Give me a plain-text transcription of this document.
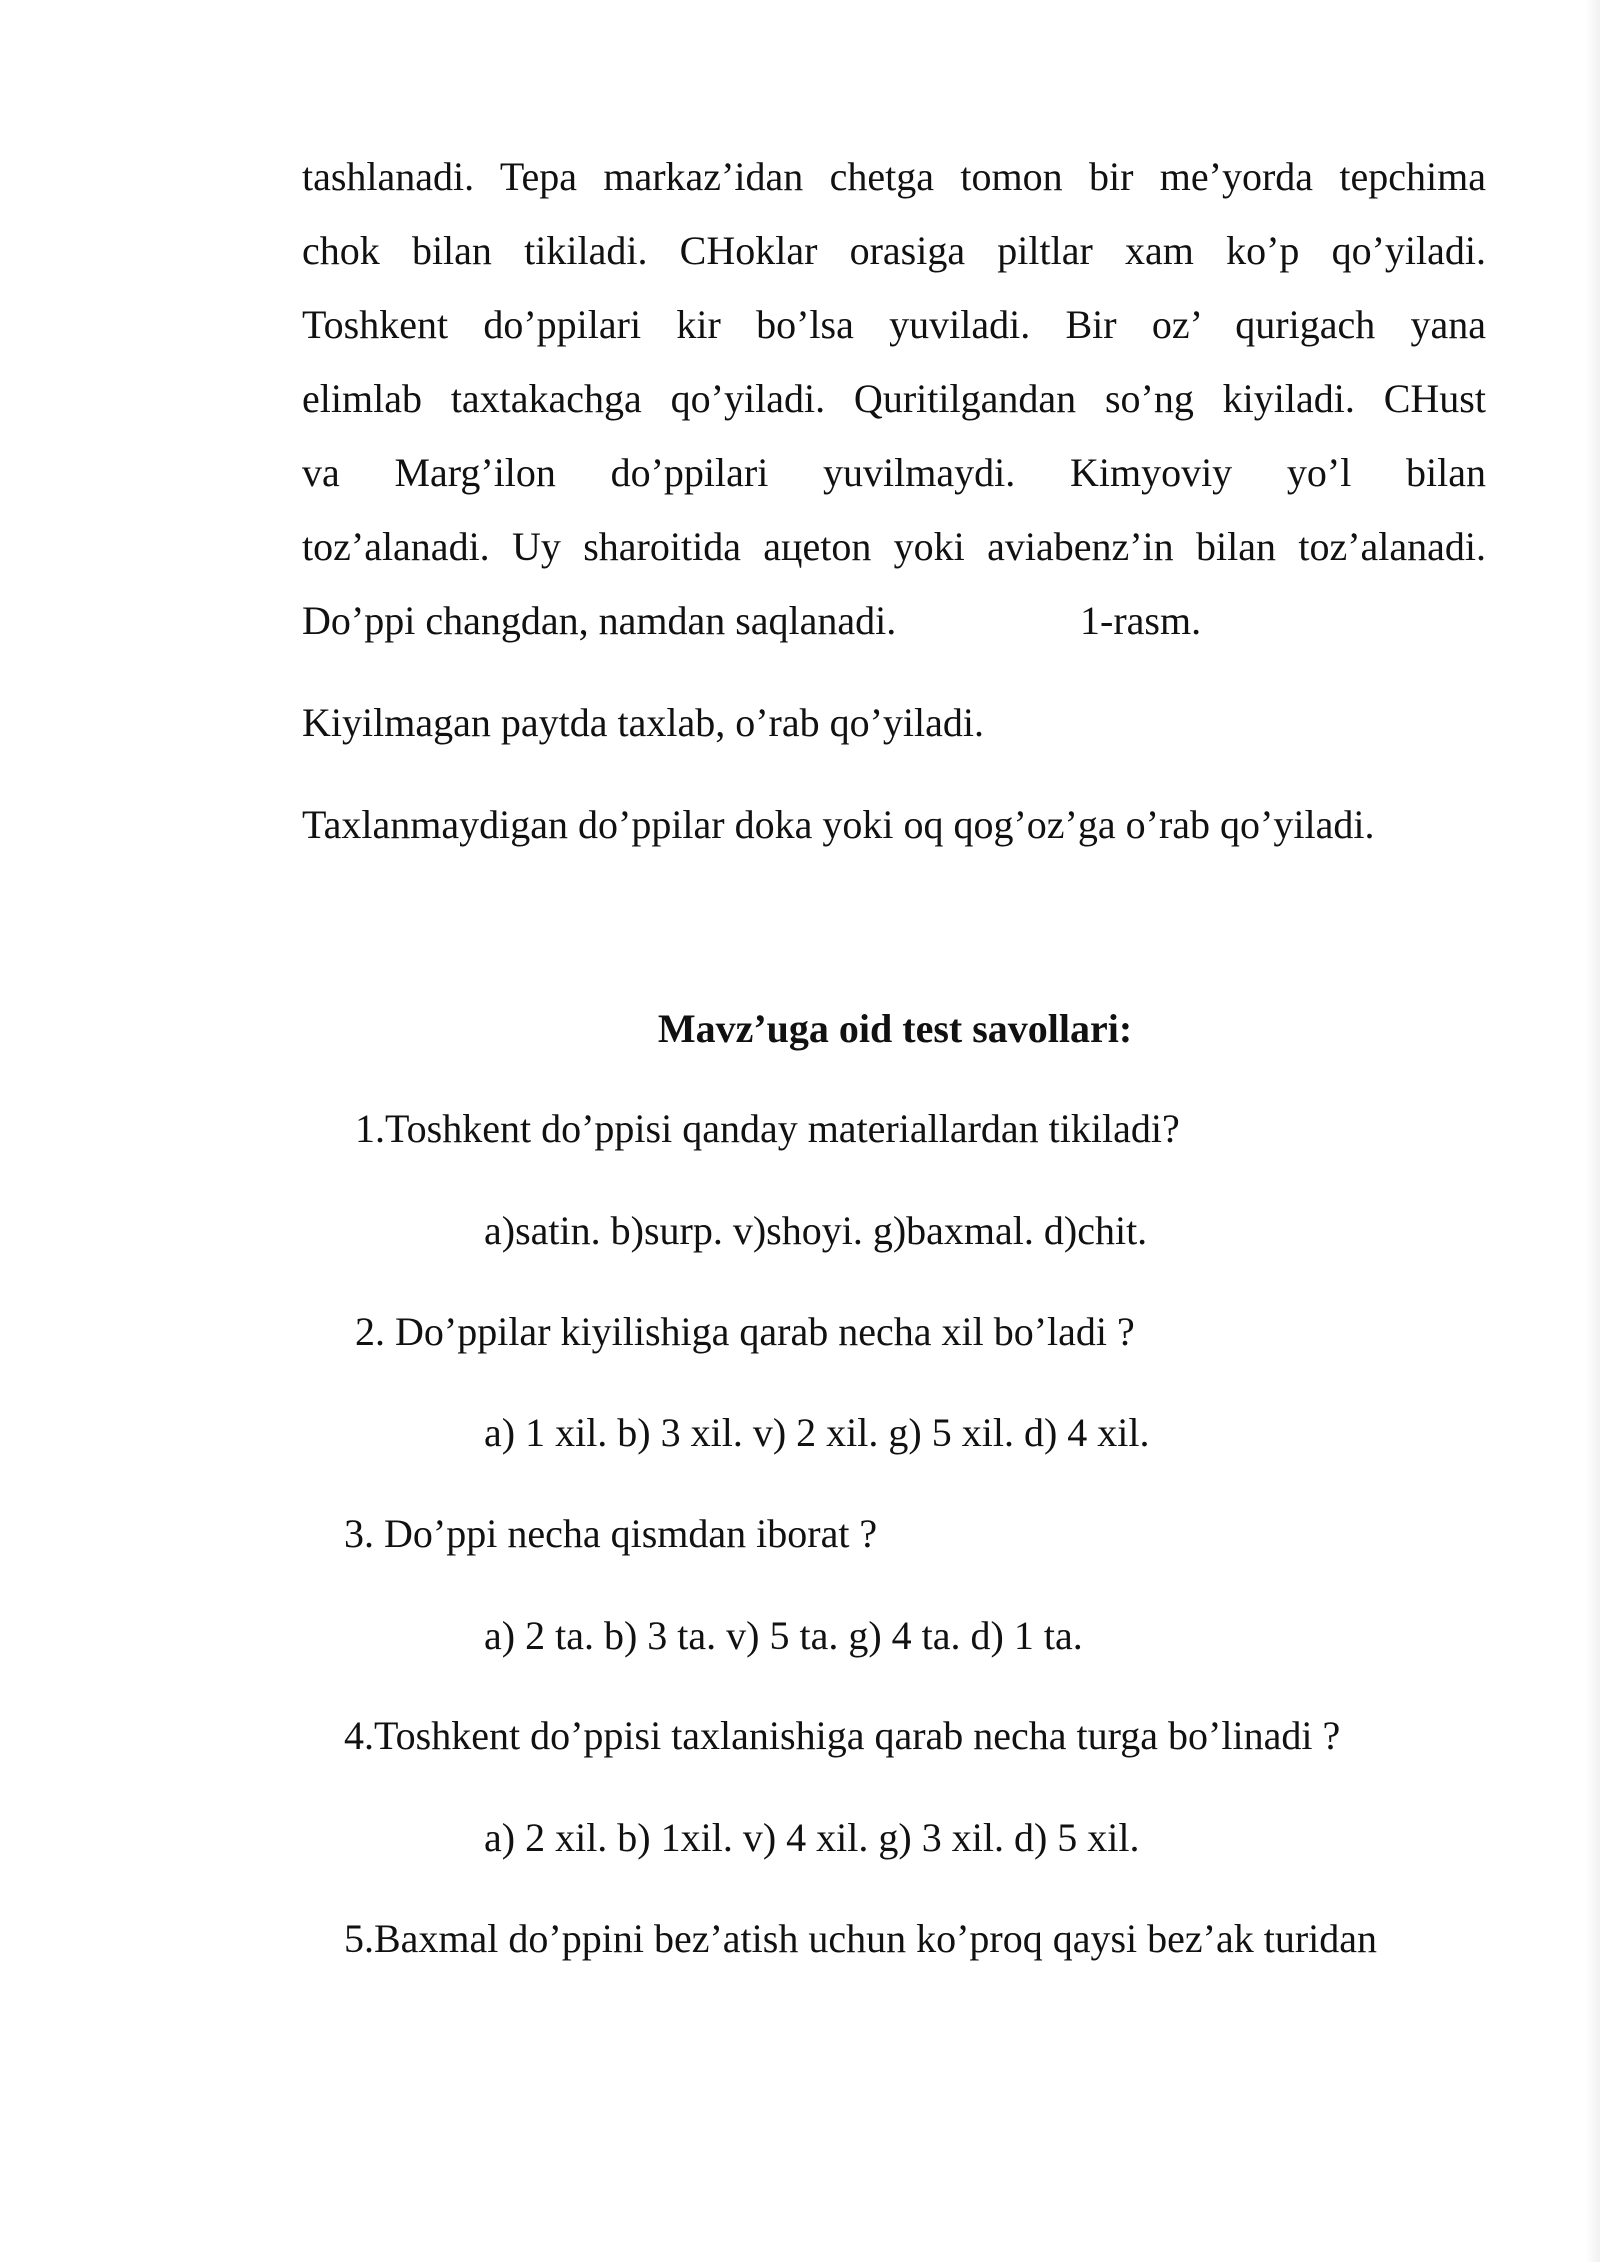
tashlanadi. Tepa markaz’idan chetga tomon bir me’yorda tepchima
chok bilan tikiladi. CHoklar orasiga piltlar xam ko’p qo’yiladi.
Toshkent do’ppilari kir bo’lsa yuviladi. Bir oz’ qurigach yana
elimlab taxtakachga qo’yiladi. Quritilgandan so’ng kiyiladi. CHust
va Marg’ilon do’ppilari yuvilmaydi. Kimyoviy yo’l bilan
toz’alanadi. Uy sharoitida aцeton yoki aviabenz’in bilan toz’alanadi.
Do’ppi changdan, namdan saqlanadi.	1-rasm.
Kiyilmagan paytda taxlab, o’rab qo’yiladi.
Taxlanmaydigan do’ppilar doka yoki oq qog’oz’ga o’rab qo’yiladi.
Mavz’uga oid test savollari:
1.Toshkent do’ppisi qanday materiallardan tikiladi?
a)satin. b)surp. v)shoyi. g)baxmal. d)chit.
2. Do’ppilar kiyilishiga qarab necha xil bo’ladi ?
a) 1 xil. b) 3 xil. v) 2 xil. g) 5 xil. d) 4 xil.
3. Do’ppi necha qismdan iborat ?
a) 2 ta. b) 3 ta. v) 5 ta. g) 4 ta. d) 1 ta.
4.Toshkent do’ppisi taxlanishiga qarab necha turga bo’linadi ?
a) 2 xil. b) 1xil. v) 4 xil. g) 3 xil. d) 5 xil.
5.Baxmal do’ppini bez’atish uchun ko’proq qaysi bez’ak turidan
